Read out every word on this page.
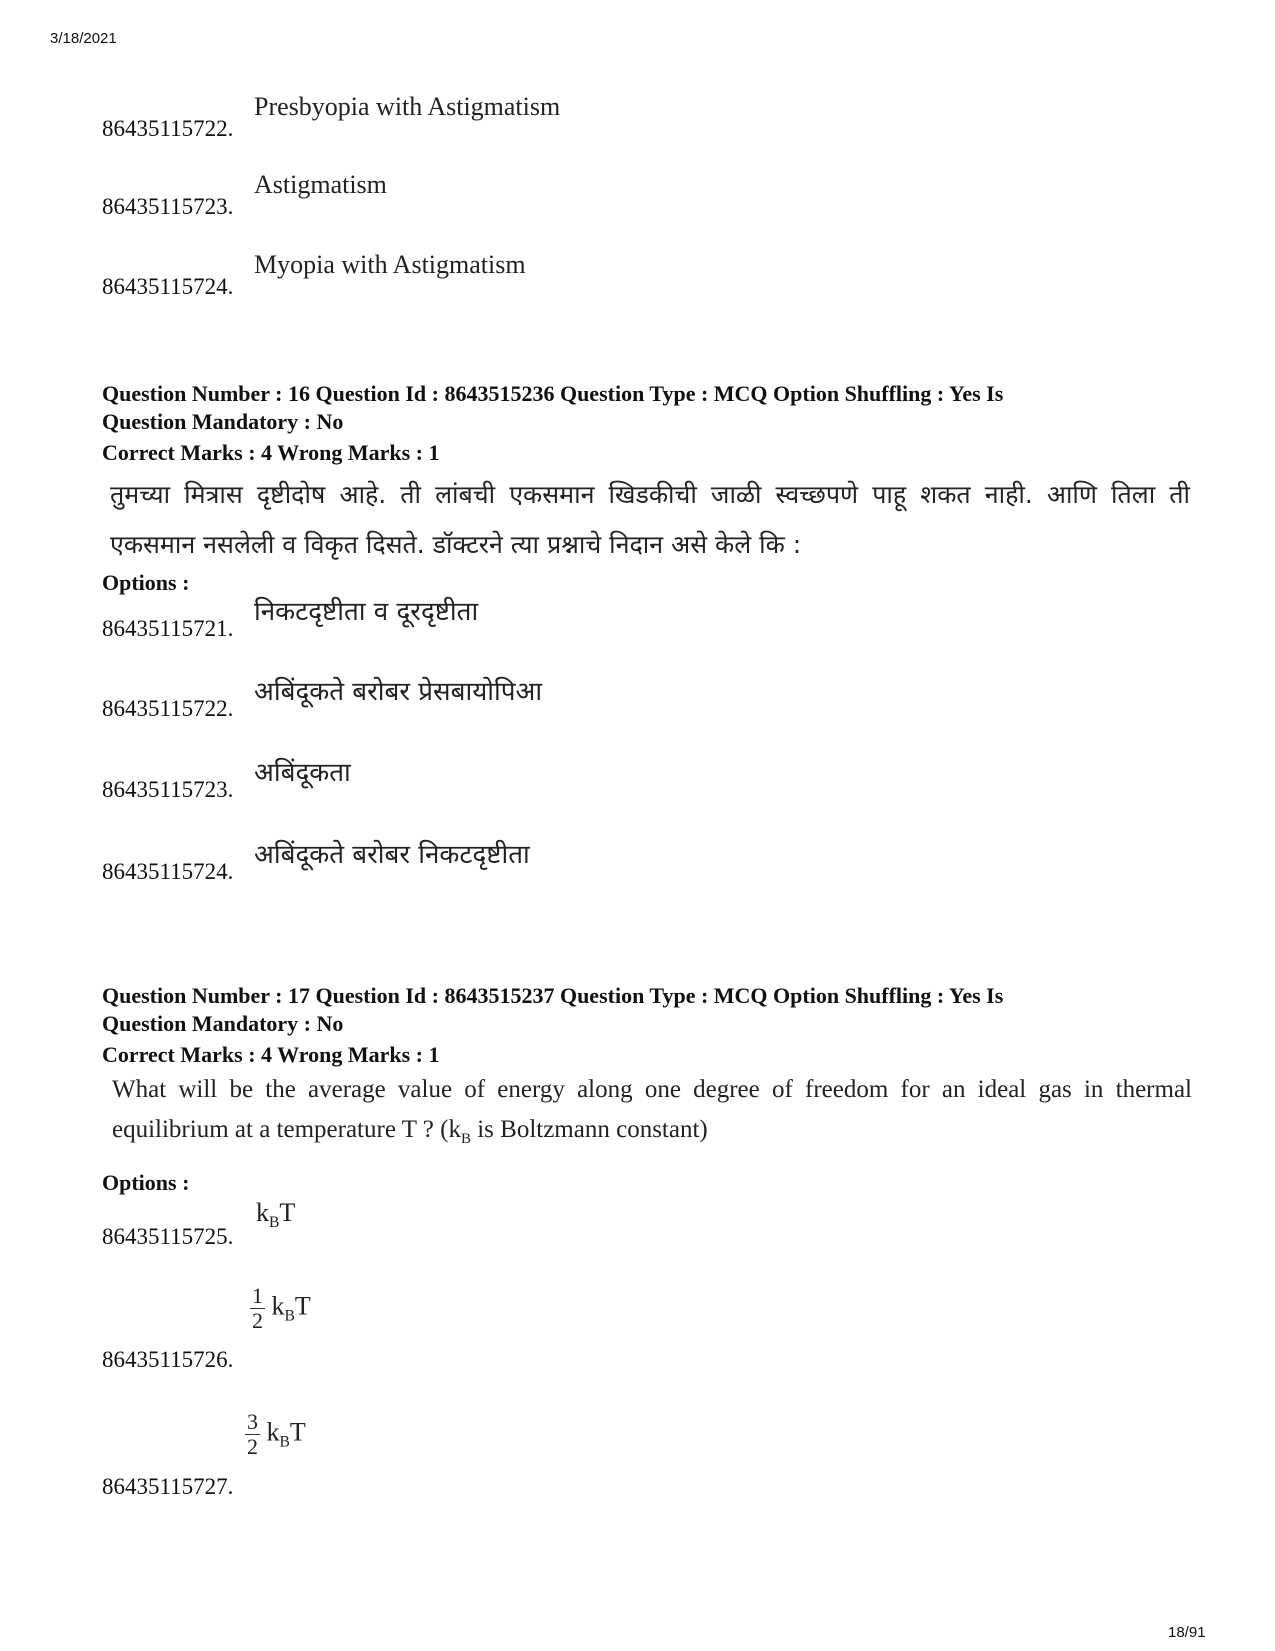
3/18/2021
86435115722.
Presbyopia with Astigmatism
86435115723.
Astigmatism
86435115724.
Myopia with Astigmatism
Question Number : 16 Question Id : 8643515236 Question Type : MCQ Option Shuffling : Yes Is
Question Mandatory : No
Correct Marks : 4 Wrong Marks : 1
तुमच्या मित्रास दृष्टीदोष आहे. ती लांबची एकसमान खिडकीची जाळी स्वच्छपणे पाहू शकत नाही. आणि तिला ती एकसमान नसलेली व विकृत दिसते. डॉक्टरने त्या प्रश्नाचे निदान असे केले कि :
Options :
86435115721.
निकटदृष्टीता व दूरदृष्टीता
86435115722.
अबिंदूकते बरोबर प्रेसबायोपिआ
86435115723.
अबिंदूकता
86435115724.
अबिंदूकते बरोबर निकटदृष्टीता
Question Number : 17 Question Id : 8643515237 Question Type : MCQ Option Shuffling : Yes Is
Question Mandatory : No
Correct Marks : 4 Wrong Marks : 1
What will be the average value of energy along one degree of freedom for an ideal gas in thermal equilibrium at a temperature T ? ($k_B$ is Boltzmann constant)
Options :
86435115725.
$k_BT$
86435115726.
$\frac{1}{2} k_BT$
86435115727.
$\frac{3}{2} k_BT$
18/91
